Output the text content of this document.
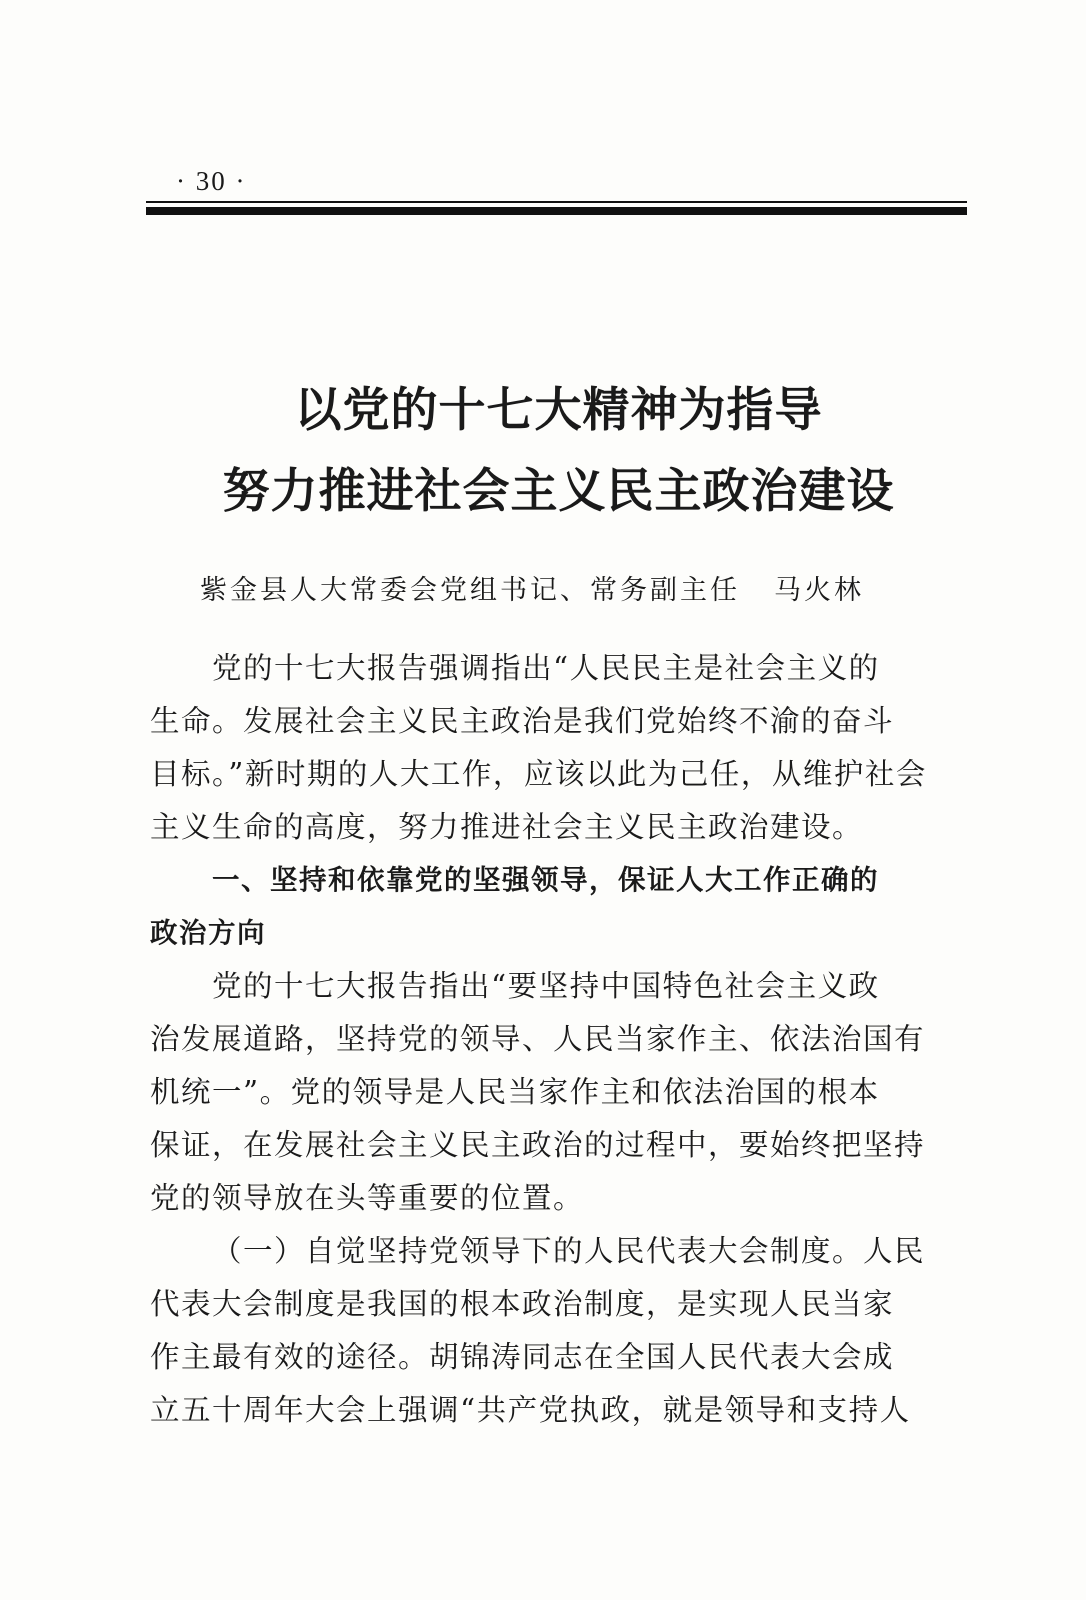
· 30 ·
以党的十七大精神为指导
努力推进社会主义民主政治建设
紫金县人大常委会党组书记、常务副主任 马火林
党的十七大报告强调指出“人民民主是社会主义的
生命。发展社会主义民主政治是我们党始终不渝的奋斗
目标。”新时期的人大工作，应该以此为己任，从维护社会
主义生命的高度，努力推进社会主义民主政治建设。
一、坚持和依靠党的坚强领导，保证人大工作正确的
政治方向
党的十七大报告指出“要坚持中国特色社会主义政
治发展道路，坚持党的领导、人民当家作主、依法治国有
机统一”。党的领导是人民当家作主和依法治国的根本
保证，在发展社会主义民主政治的过程中，要始终把坚持
党的领导放在头等重要的位置。
（一）自觉坚持党领导下的人民代表大会制度。人民
代表大会制度是我国的根本政治制度，是实现人民当家
作主最有效的途径。胡锦涛同志在全国人民代表大会成
立五十周年大会上强调“共产党执政，就是领导和支持人
